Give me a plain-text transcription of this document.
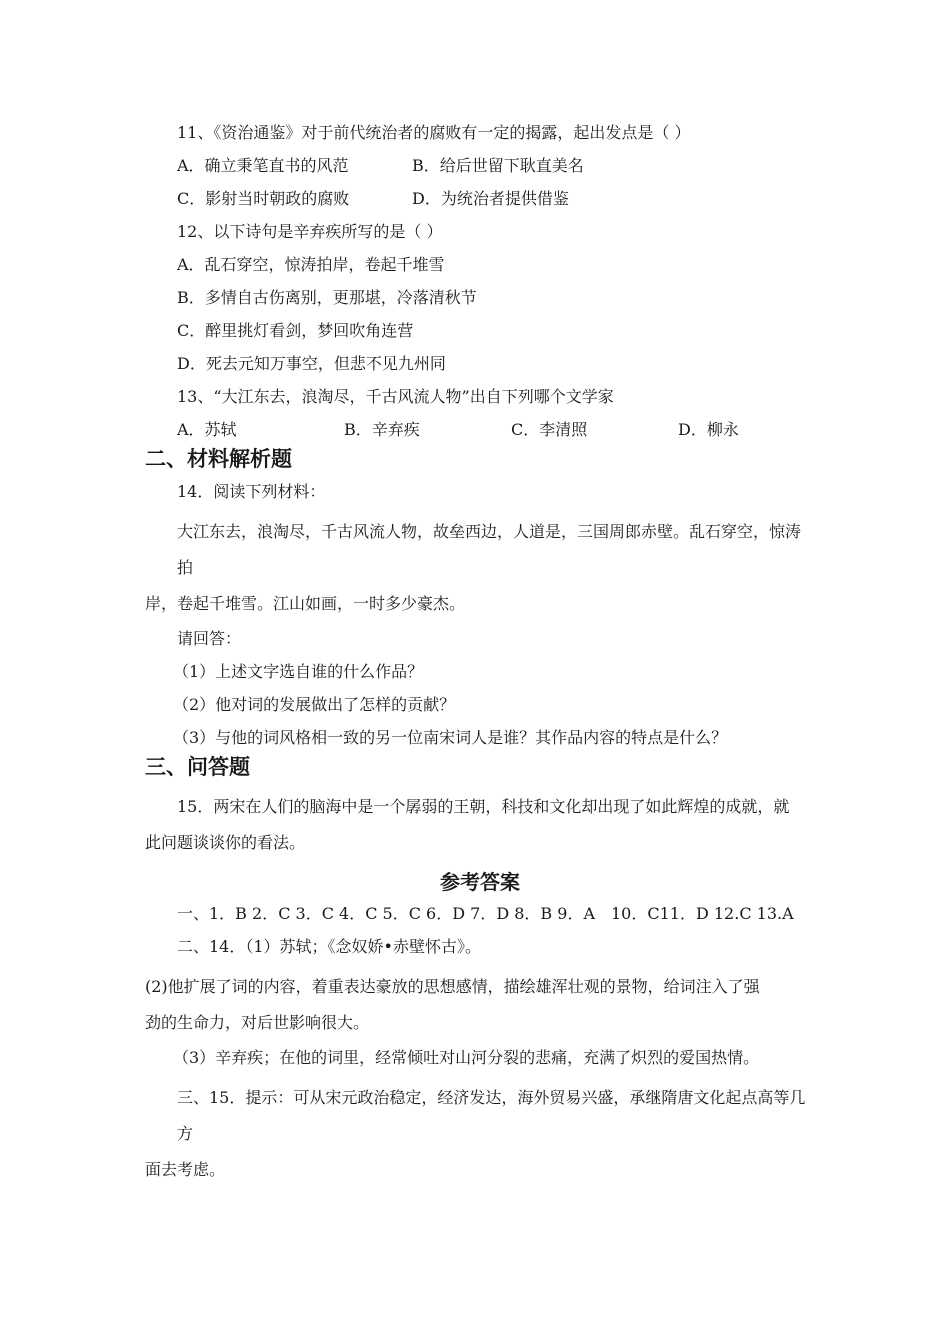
11、《资治通鉴》对于前代统治者的腐败有一定的揭露，起出发点是（ ）
A．确立秉笔直书的风范	B．给后世留下耿直美名
C．影射当时朝政的腐败	D．为统治者提供借鉴
12、以下诗句是辛弃疾所写的是（ ）
A．乱石穿空，惊涛拍岸，卷起千堆雪
B．多情自古伤离别，更那堪，冷落清秋节
C．醉里挑灯看剑，梦回吹角连营
D．死去元知万事空，但悲不见九州同
13、“大江东去，浪淘尽，千古风流人物”出自下列哪个文学家
A．苏轼	B．辛弃疾	C．李清照	D．柳永
二、材料解析题
14．阅读下列材料：
大江东去，浪淘尽，千古风流人物，故垒西边，人道是，三国周郎赤壁。乱石穿空，惊涛拍
岸，卷起千堆雪。江山如画，一时多少豪杰。
请回答：
（1）上述文字选自谁的什么作品？
（2）他对词的发展做出了怎样的贡献？
（3）与他的词风格相一致的另一位南宋词人是谁？其作品内容的特点是什么？
三、问答题
15．两宋在人们的脑海中是一个孱弱的王朝，科技和文化却出现了如此辉煌的成就，就
此问题谈谈你的看法。
参考答案
一、1．B 2．C 3．C 4．C 5．C 6．D 7．D 8．B 9．A　10．C11．D 12.C 13.A
二、14．（1）苏轼；《念奴娇•赤壁怀古》。
(2)他扩展了词的内容，着重表达豪放的思想感情，描绘雄浑壮观的景物，给词注入了强
劲的生命力，对后世影响很大。
（3）辛弃疾；在他的词里，经常倾吐对山河分裂的悲痛，充满了炽烈的爱国热情。
三、15．提示：可从宋元政治稳定，经济发达，海外贸易兴盛，承继隋唐文化起点高等几方
面去考虑。
